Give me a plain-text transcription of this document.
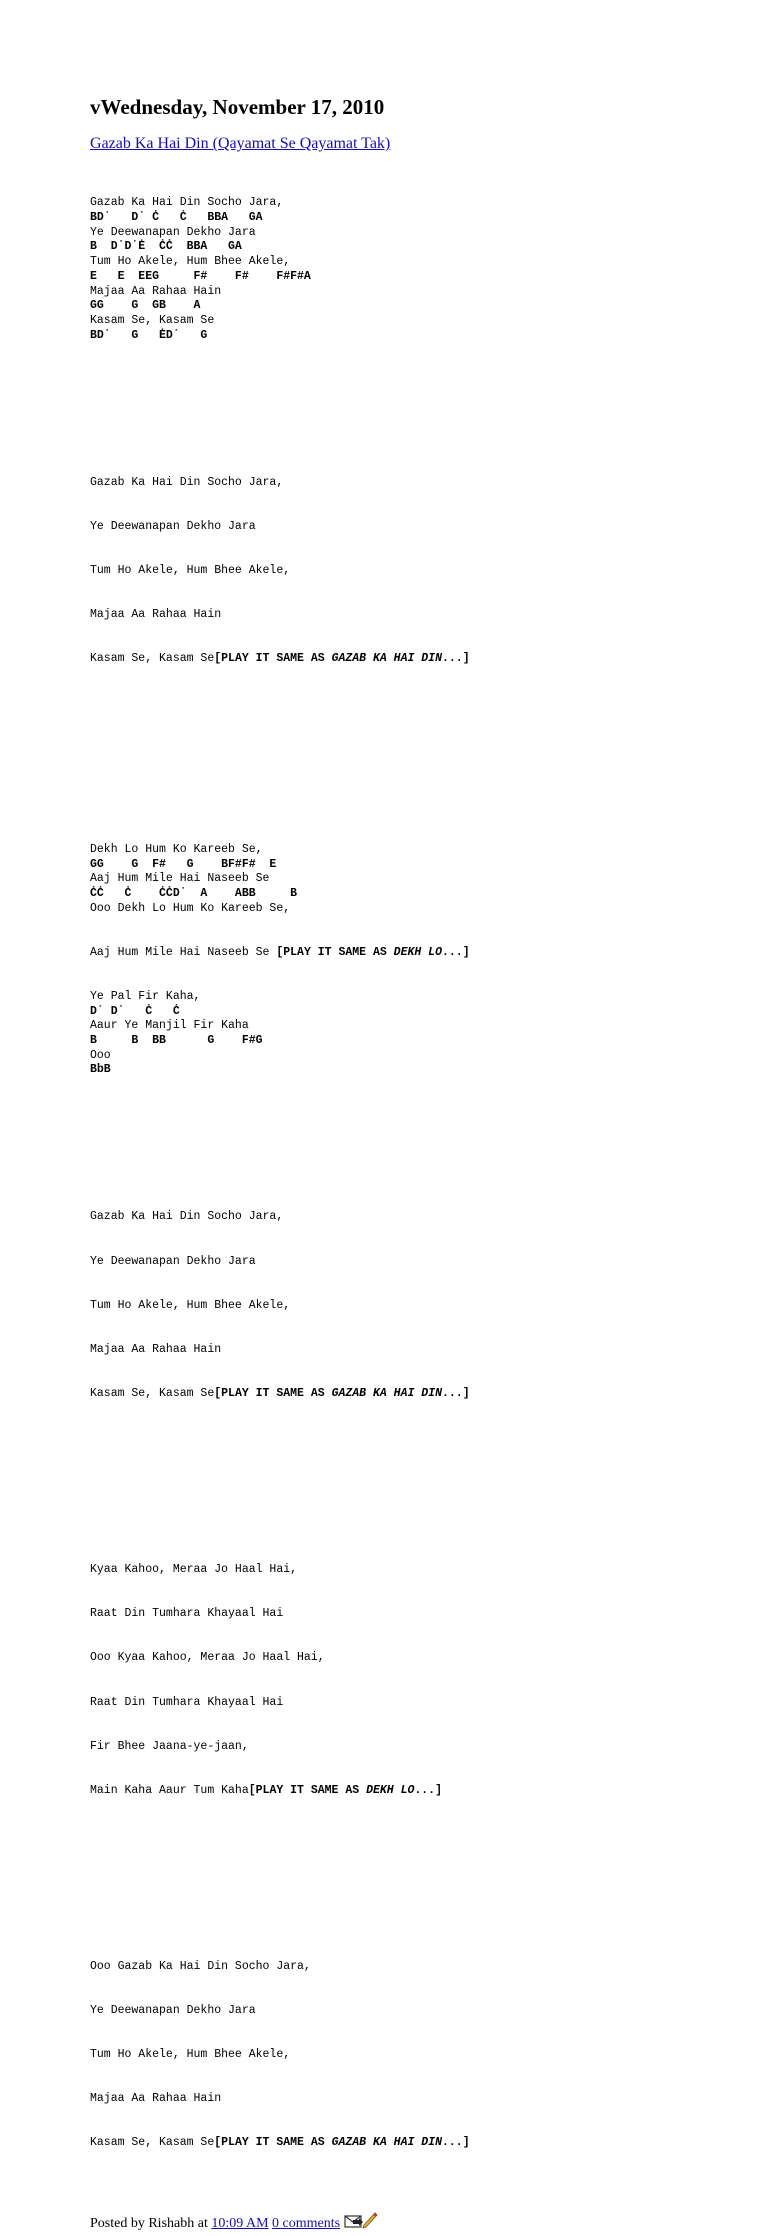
vWednesday, November 17, 2010
Gazab Ka Hai Din (Qayamat Se Qayamat Tak)

Gazab Ka Hai Din Socho Jara,
BD˙   D˙ Ċ   Ċ   BBA   GA
Ye Deewanapan Dekho Jara
B  D˙D˙Ė  ĊĊ  BBA   GA
Tum Ho Akele, Hum Bhee Akele,
E   E  EEG     F#    F#    F#F#A
Majaa Aa Rahaa Hain
GG    G  GB    A
Kasam Se, Kasam Se
BD˙   G   ĖD˙   G

Gazab Ka Hai Din Socho Jara,

Ye Deewanapan Dekho Jara

Tum Ho Akele, Hum Bhee Akele,

Majaa Aa Rahaa Hain

Kasam Se, Kasam Se[PLAY IT SAME AS GAZAB KA HAI DIN...]

Dekh Lo Hum Ko Kareeb Se,
GG    G  F#   G    BF#F#  E
Aaj Hum Mile Hai Naseeb Se
ĊĊ   Ċ    ĊĊD˙  A    ABB     B
Ooo Dekh Lo Hum Ko Kareeb Se,

Aaj Hum Mile Hai Naseeb Se [PLAY IT SAME AS DEKH LO...]

Ye Pal Fir Kaha,
D˙ D˙   Ċ   Ċ
Aaur Ye Manjil Fir Kaha
B     B  BB      G    F#G
Ooo
BbB

Gazab Ka Hai Din Socho Jara,

Ye Deewanapan Dekho Jara

Tum Ho Akele, Hum Bhee Akele,

Majaa Aa Rahaa Hain

Kasam Se, Kasam Se[PLAY IT SAME AS GAZAB KA HAI DIN...]

Kyaa Kahoo, Meraa Jo Haal Hai,

Raat Din Tumhara Khayaal Hai

Ooo Kyaa Kahoo, Meraa Jo Haal Hai,

Raat Din Tumhara Khayaal Hai

Fir Bhee Jaana-ye-jaan,

Main Kaha Aaur Tum Kaha[PLAY IT SAME AS DEKH LO...]

Ooo Gazab Ka Hai Din Socho Jara,

Ye Deewanapan Dekho Jara

Tum Ho Akele, Hum Bhee Akele,

Majaa Aa Rahaa Hain

Kasam Se, Kasam Se[PLAY IT SAME AS GAZAB KA HAI DIN...]

Posted by Rishabh at 10:09 AM 0 comments
